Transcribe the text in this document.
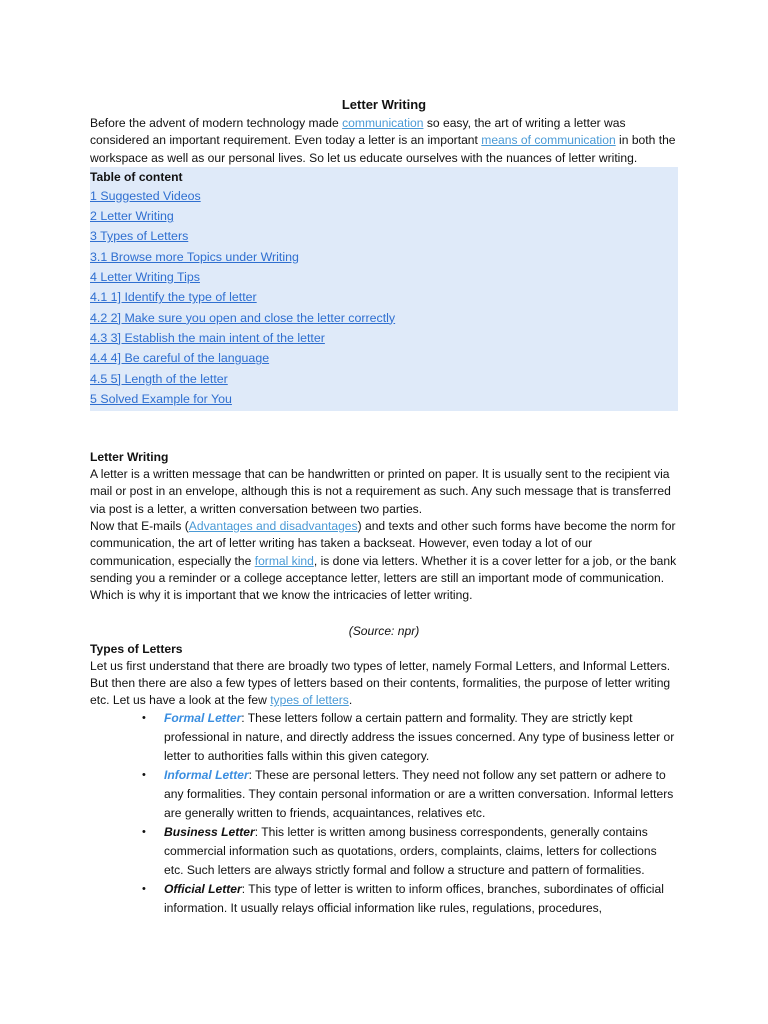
Letter Writing

Before the advent of modern technology made communication so easy, the art of writing a letter was considered an important requirement. Even today a letter is an important means of communication in both the workspace as well as our personal lives. So let us educate ourselves with the nuances of letter writing.

Table of content
1 Suggested Videos
2 Letter Writing
3 Types of Letters
3.1 Browse more Topics under Writing
4 Letter Writing Tips
4.1 1] Identify the type of letter
4.2 2] Make sure you open and close the letter correctly
4.3 3] Establish the main intent of the letter
4.4 4] Be careful of the language
4.5 5] Length of the letter
5 Solved Example for You
Letter Writing

A letter is a written message that can be handwritten or printed on paper. It is usually sent to the recipient via mail or post in an envelope, although this is not a requirement as such. Any such message that is transferred via post is a letter, a written conversation between two parties.

Now that E-mails (Advantages and disadvantages) and texts and other such forms have become the norm for communication, the art of letter writing has taken a backseat. However, even today a lot of our communication, especially the formal kind, is done via letters. Whether it is a cover letter for a job, or the bank sending you a reminder or a college acceptance letter, letters are still an important mode of communication. Which is why it is important that we know the intricacies of letter writing.

(Source: npr)
Types of Letters

Let us first understand that there are broadly two types of letter, namely Formal Letters, and Informal Letters. But then there are also a few types of letters based on their contents, formalities, the purpose of letter writing etc. Let us have a look at the few types of letters.

• Formal Letter: These letters follow a certain pattern and formality. They are strictly kept professional in nature, and directly address the issues concerned. Any type of business letter or letter to authorities falls within this given category.
• Informal Letter: These are personal letters. They need not follow any set pattern or adhere to any formalities. They contain personal information or are a written conversation. Informal letters are generally written to friends, acquaintances, relatives etc.
• Business Letter: This letter is written among business correspondents, generally contains commercial information such as quotations, orders, complaints, claims, letters for collections etc. Such letters are always strictly formal and follow a structure and pattern of formalities.
• Official Letter: This type of letter is written to inform offices, branches, subordinates of official information. It usually relays official information like rules, regulations, procedures,
